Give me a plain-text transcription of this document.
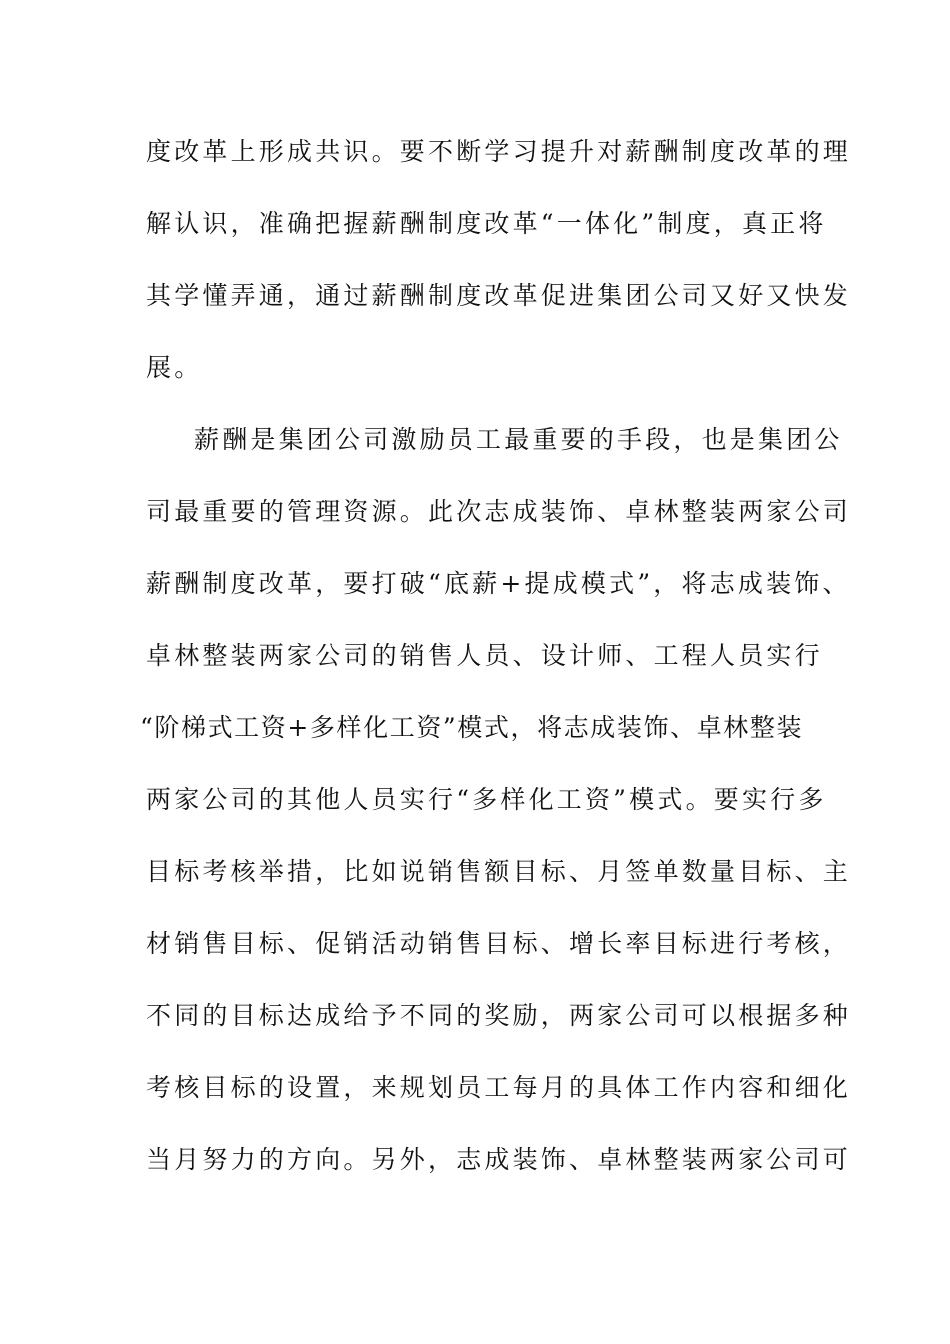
度改革上形成共识。要不断学习提升对薪酬制度改革的理
解认识，准确把握薪酬制度改革“一体化”制度，真正将
其学懂弄通，通过薪酬制度改革促进集团公司又好又快发
展。
薪酬是集团公司激励员工最重要的手段，也是集团公
司最重要的管理资源。此次志成装饰、卓林整装两家公司
薪酬制度改革，要打破“底薪+提成模式”，将志成装饰、
卓林整装两家公司的销售人员、设计师、工程人员实行
“阶梯式工资+多样化工资”模式，将志成装饰、卓林整装
两家公司的其他人员实行“多样化工资”模式。要实行多
目标考核举措，比如说销售额目标、月签单数量目标、主
材销售目标、促销活动销售目标、增长率目标进行考核，
不同的目标达成给予不同的奖励，两家公司可以根据多种
考核目标的设置，来规划员工每月的具体工作内容和细化
当月努力的方向。另外，志成装饰、卓林整装两家公司可
